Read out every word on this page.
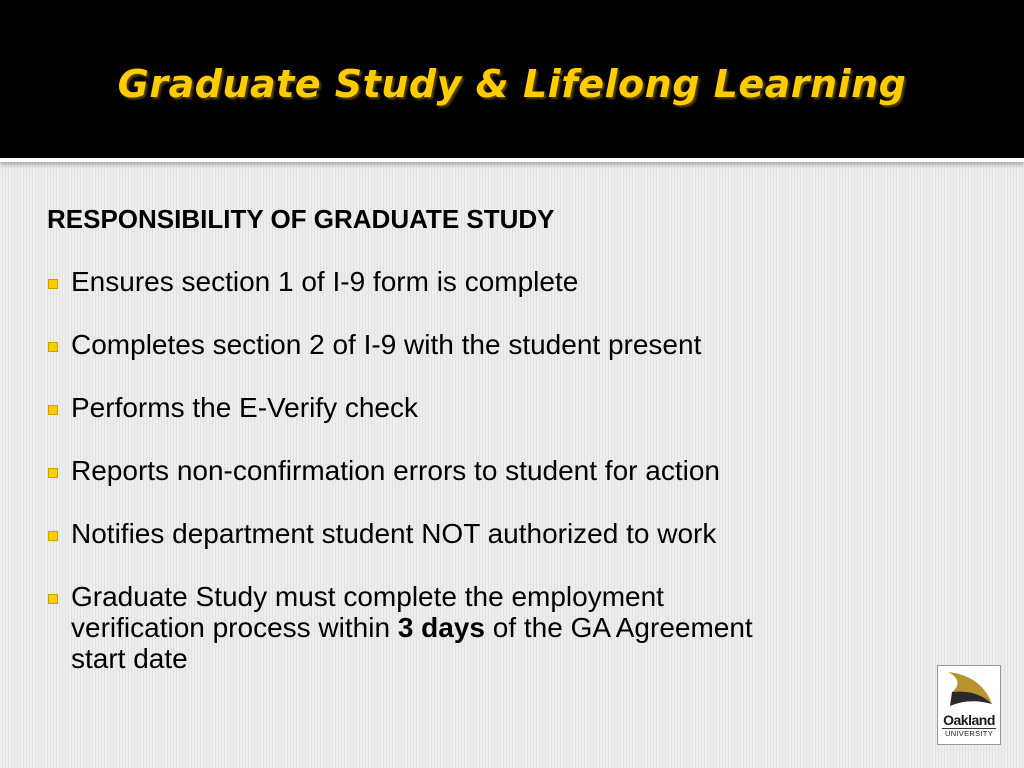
Graduate Study & Lifelong Learning
RESPONSIBILITY OF GRADUATE STUDY
Ensures section 1 of I-9 form is complete
Completes section 2 of I-9 with the student present
Performs the E-Verify check
Reports non-confirmation errors to student for action
Notifies department student NOT authorized to work
Graduate Study must complete the employment
verification process within 3 days of the GA Agreement
start date
Oakland
UNIVERSITY
